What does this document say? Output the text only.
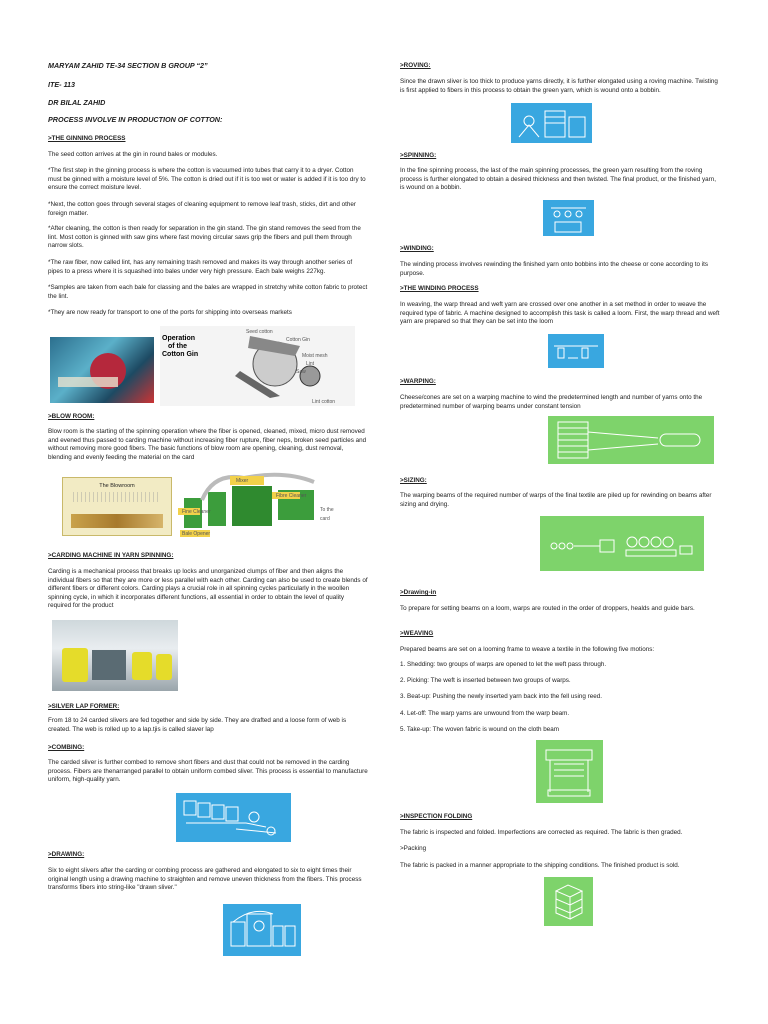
MARYAM ZAHID TE-34 SECTION B GROUP “2”
ITE- 113
DR BILAL ZAHID
PROCESS INVOLVE IN PRODUCTION OF COTTON:
>THE GINNING PROCESS
The seed cotton arrives at the gin in round bales or modules.
*The first step in the ginning process is where the cotton is vacuumed into tubes that carry it to a dryer. Cotton must be ginned with a moisture level of 5%. The cotton is dried out if it is too wet or water is added if it is too dry to ensure the correct moisture level.
*Next, the cotton goes through several stages of cleaning equipment to remove leaf trash, sticks, dirt and other foreign matter.
*After cleaning, the cotton is then ready for separation in the gin stand. The gin stand removes the seed from the lint. Most cotton is ginned with saw gins where fast moving circular saws grip the fibers and pull them through narrow slots.
*The raw fiber, now called lint, has any remaining trash removed and makes its way through another series of pipes to a press where it is squashed into bales under very high pressure. Each bale weighs 227kg.
*Samples are taken from each bale for classing and the bales are wrapped in stretchy white cotton fabric to protect the lint.
*They are now ready for transport to one of the ports for shipping into overseas markets
Operation
of the
Cotton Gin
Seed cotton
Cotton Gin
Moist mesh
Lint
Saw
Lint cotton
>BLOW ROOM:
Blow room is the starting of the spinning operation where the fiber is opened, cleaned, mixed, micro dust removed and evened thus passed to carding machine without increasing fiber rupture, fiber neps, broken seed particles and without removing more good fibers. The basic functions of blow room are opening, cleaning, dust removal, blending and evenly feeding the material on the card
The Blowroom
Fine Cleaner
Fibre Cleaner
To the card
Bale Opener
Mixer
>CARDING MACHINE IN YARN SPINNING:
Carding is a mechanical process that breaks up locks and unorganized clumps of fiber and then aligns the individual fibers so that they are more or less parallel with each other. Carding can also be used to create blends of different fibers or different colors. Carding plays a crucial role in all spinning cycles particularly in the woollen spinning cycle, in which it incorporates different functions, all essential in order to obtain the level of quality required for the product
>SILVER LAP FORMER:
From 18 to 24 carded slivers are fed together and side by side. They are drafted and a loose form of web is created. The web is rolled up to a lap.tjis is called slaver lap
>COMBING:
The carded sliver is further combed to remove short fibers and dust that could not be removed in the carding process. Fibers are thenarranged parallel to obtain uniform combed sliver. This process is essential to manufacture uniform, high-quality yarn.
>DRAWING:
Six to eight slivers after the carding or combing process are gathered and elongated to six to eight times their original length using a drawing machine to straighten and remove uneven thickness from the fibers. This process transforms fibers into string-like "drawn sliver."
>ROVING:
Since the drawn sliver is too thick to produce yarns directly, it is further elongated using a roving machine. Twisting is first applied to fibers in this process to obtain the green yarn, which is wound onto a bobbin.
>SPINNING:
In the fine spinning process, the last of the main spinning processes, the green yarn resulting from the roving process is further elongated to obtain a desired thickness and then twisted. The final product, or the finished yarn, is wound on a bobbin.
>WINDING:
The winding process involves rewinding the finished yarn onto bobbins into the cheese or cone according to its purpose.
>THE WINDING PROCESS
In weaving, the warp thread and weft yarn are crossed over one another in a set method in order to weave the required type of fabric. A machine designed to accomplish this task is called a loom. First, the warp thread and weft yarn are prepared so that they can be set into the loom
>WARPING:
Cheese/cones are set on a warping machine to wind the predetermined length and number of yarns onto the predetermined number of warping beams under constant tension
>SIZING:
The warping beams of the required number of warps of the final textile are piled up for rewinding on beams after sizing and drying.
>Drawing-in
To prepare for setting beams on a loom, warps are routed in the order of droppers, healds and guide bars.
>WEAVING
Prepared beams are set on a looming frame to weave a textile in the following five motions:
1. Shedding: two groups of warps are opened to let the weft pass through.
2. Picking: The weft is inserted between two groups of warps.
3. Beat-up: Pushing the newly inserted yarn back into the fell using reed.
4. Let-off: The warp yarns are unwound from the warp beam.
5. Take-up: The woven fabric is wound on the cloth beam
>INSPECTION FOLDING
The fabric is inspected and folded. Imperfections are corrected as required. The fabric is then graded.
>Packing
The fabric is packed in a manner appropriate to the shipping conditions. The finished product is sold.
